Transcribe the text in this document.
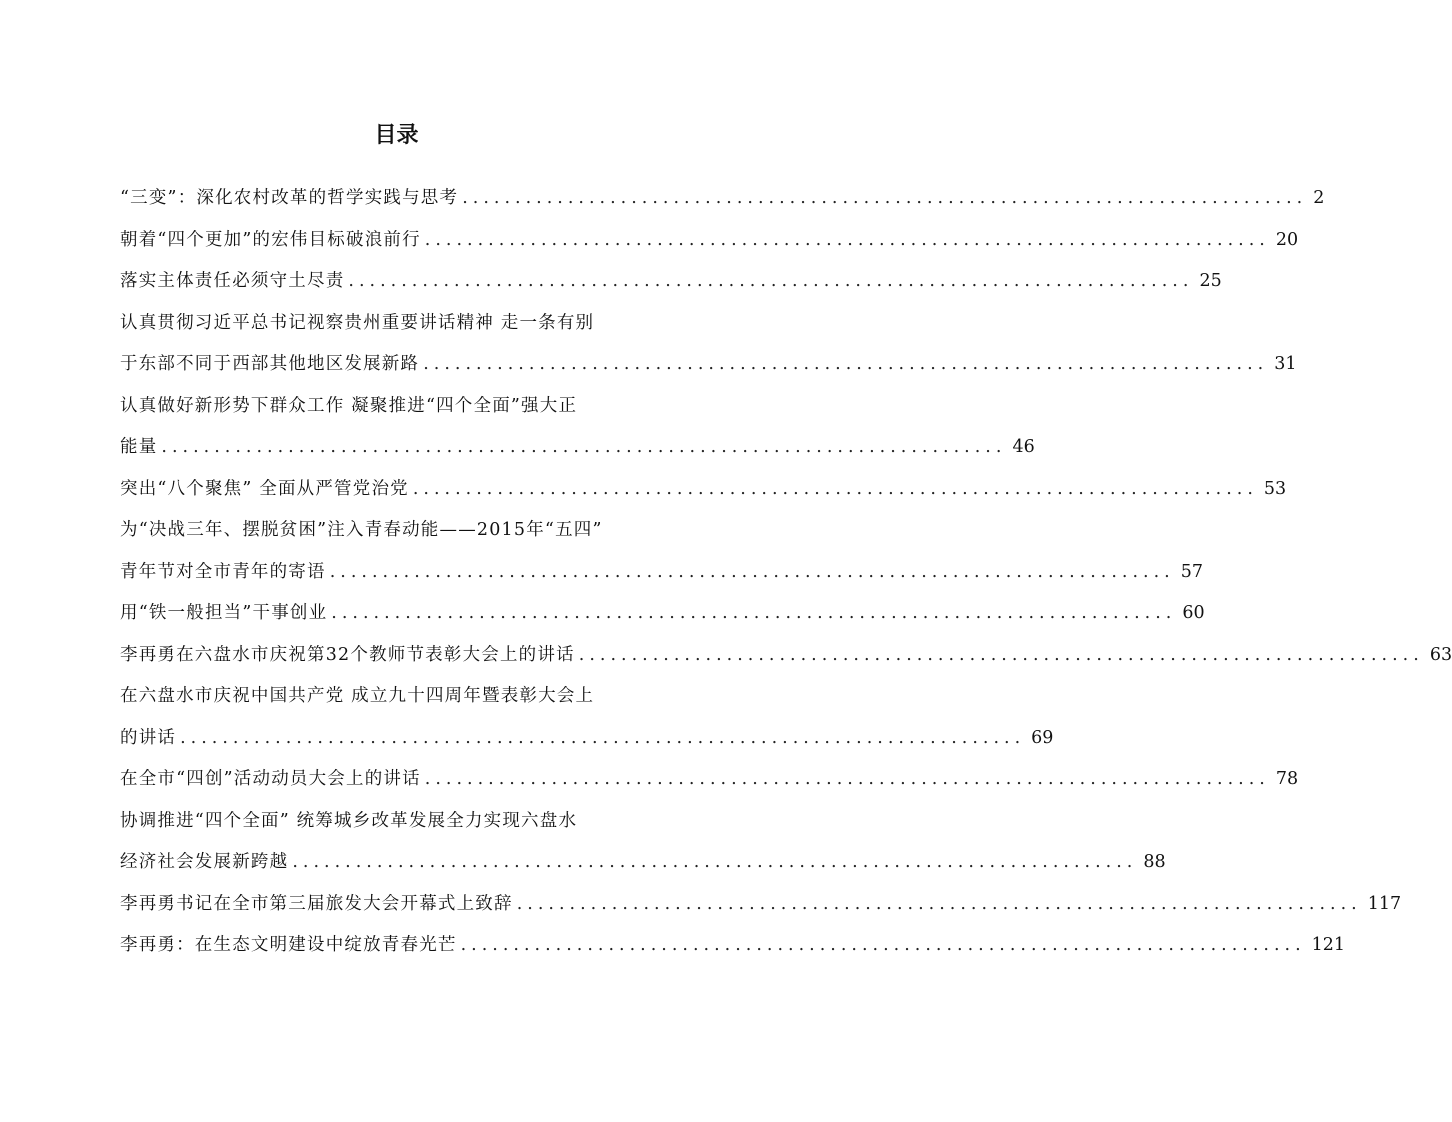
目录
“三变”：深化农村改革的哲学实践与思考 ................................................................................ 2
朝着“四个更加”的宏伟目标破浪前行 ................................................................................ 20
落实主体责任必须守土尽责 ................................................................................ 25
认真贯彻习近平总书记视察贵州重要讲话精神 走一条有别
于东部不同于西部其他地区发展新路 ................................................................................ 31
认真做好新形势下群众工作 凝聚推进“四个全面”强大正
能量 ................................................................................ 46
突出“八个聚焦” 全面从严管党治党 ................................................................................ 53
为“决战三年、摆脱贫困”注入青春动能——2015年“五四”
青年节对全市青年的寄语 ................................................................................ 57
用“铁一般担当”干事创业 ................................................................................ 60
李再勇在六盘水市庆祝第32个教师节表彰大会上的讲话 ................................................................................ 63
在六盘水市庆祝中国共产党 成立九十四周年暨表彰大会上
的讲话 ................................................................................ 69
在全市“四创”活动动员大会上的讲话 ................................................................................ 78
协调推进“四个全面” 统筹城乡改革发展全力实现六盘水
经济社会发展新跨越 ................................................................................ 88
李再勇书记在全市第三届旅发大会开幕式上致辞 ................................................................................ 117
李再勇：在生态文明建设中绽放青春光芒 ................................................................................ 121
